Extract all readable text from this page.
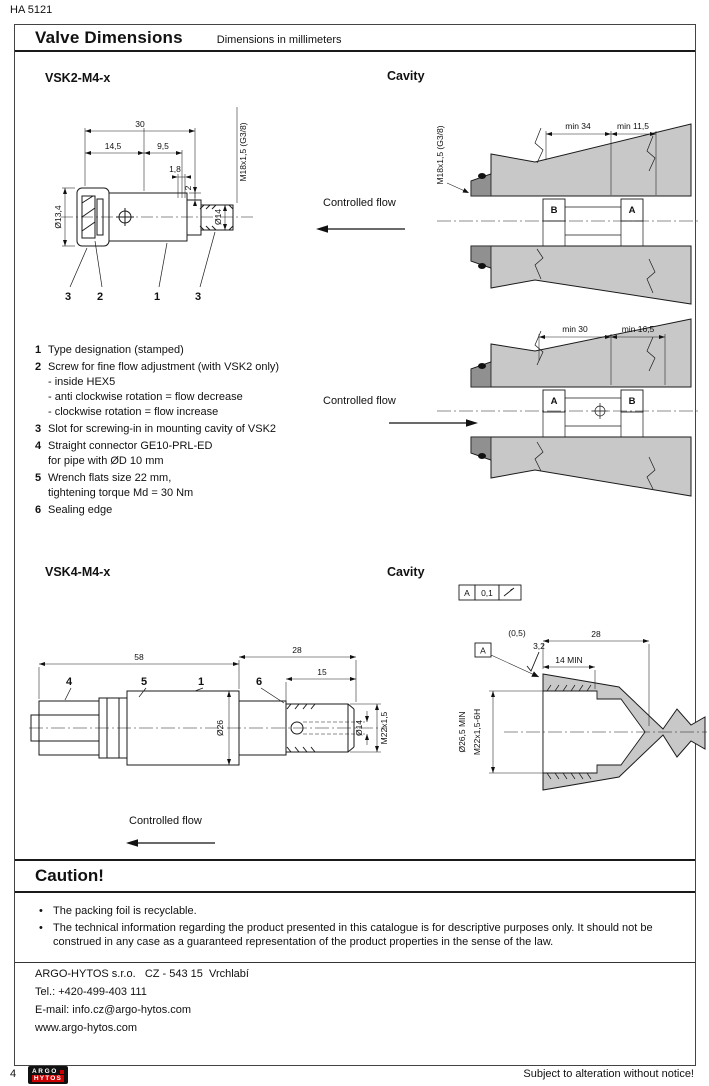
HA 5121
Valve Dimensions	Dimensions in millimeters
VSK2-M4-x	Cavity
30
14,5	9,5
1,8
Ø13,4
2
Ø14
M18x1,5 (G3/8)
3 2	1	3
Controlled flow
min 34	min 11,5
M18x1,5 (G3/8)
B	A
min 30	min 16,5
A	B
Controlled flow
1 Type designation (stamped)
2 Screw for fine flow adjustment (with VSK2 only)
- inside HEX5
- anti clockwise rotation = flow decrease
- clockwise rotation = flow increase
3 Slot for screwing-in in mounting cavity of VSK2
4 Straight connector GE10-PRL-ED
for pipe with ØD 10 mm
5 Wrench flats size 22 mm,
tightening torque Md = 30 Nm
6 Sealing edge
VSK4-M4-x	Cavity
A 0,1
(0,5)	28
3,2
A
14 MIN
Ø26,5 MIN M22x1,5-6H
58
28
15
Ø26	Ø14 M22x1,5
4	5	1	6
Controlled flow
Caution!
• The packing foil is recyclable.
• The technical information regarding the product presented in this catalogue is for descriptive purposes only. It should not be construed in any case as a guaranteed representation of the product properties in the sense of the law.
ARGO-HYTOS s.r.o.   CZ - 543 15  Vrchlabí
Tel.: +420-499-403 111
E-mail: info.cz@argo-hytos.com
www.argo-hytos.com
4 ARGO
HYTOS	Subject to alteration without notice!
